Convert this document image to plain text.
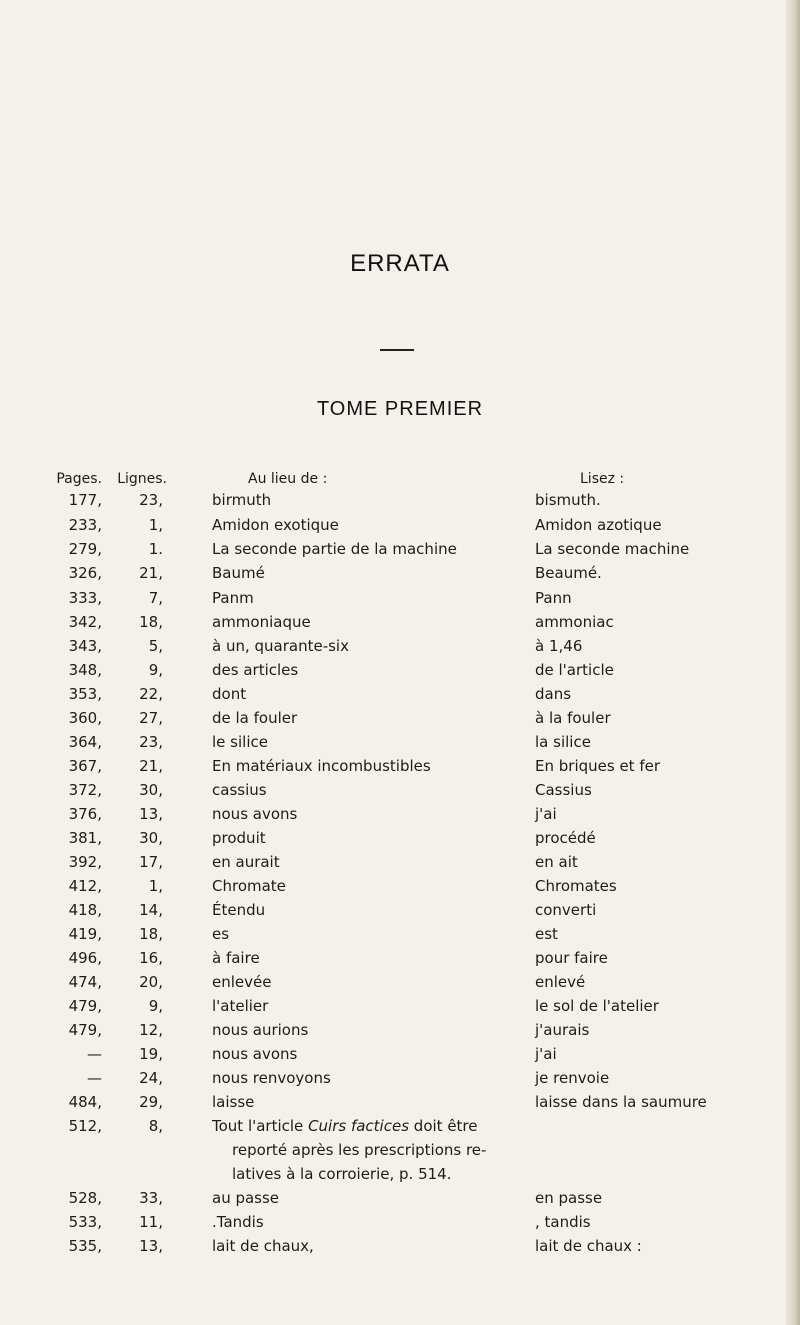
ERRATA
TOME PREMIER
Pages.	Lignes.	Au lieu de :	Lisez :
177,	23,	birmuth	bismuth.
233,	1,	Amidon exotique	Amidon azotique
279,	1.	La seconde partie de la machine	La seconde machine
326,	21,	Baumé	Beaumé.
333,	7,	Panm	Pann
342,	18,	ammoniaque	ammoniac
343,	5,	à un, quarante-six	à 1,46
348,	9,	des articles	de l'article
353,	22,	dont	dans
360,	27,	de la fouler	à la fouler
364,	23,	le silice	la silice
367,	21,	En matériaux incombustibles	En briques et fer
372,	30,	cassius	Cassius
376,	13,	nous avons	j'ai
381,	30,	produit	procédé
392,	17,	en aurait	en ait
412,	1,	Chromate	Chromates
418,	14,	Étendu	converti
419,	18,	es	est
496,	16,	à faire	pour faire
474,	20,	enlevée	enlevé
479,	9,	l'atelier	le sol de l'atelier
479,	12,	nous aurions	j'aurais
—	19,	nous avons	j'ai
—	24,	nous renvoyons	je renvoie
484,	29,	laisse	laisse dans la saumure
512,	8,	Tout l'article Cuirs factices doit être
reporté après les prescriptions re-
latives à la corroierie, p. 514.
528,	33,	au passe	en passe
533,	11,	.Tandis	, tandis
535,	13,	lait de chaux,	lait de chaux :
